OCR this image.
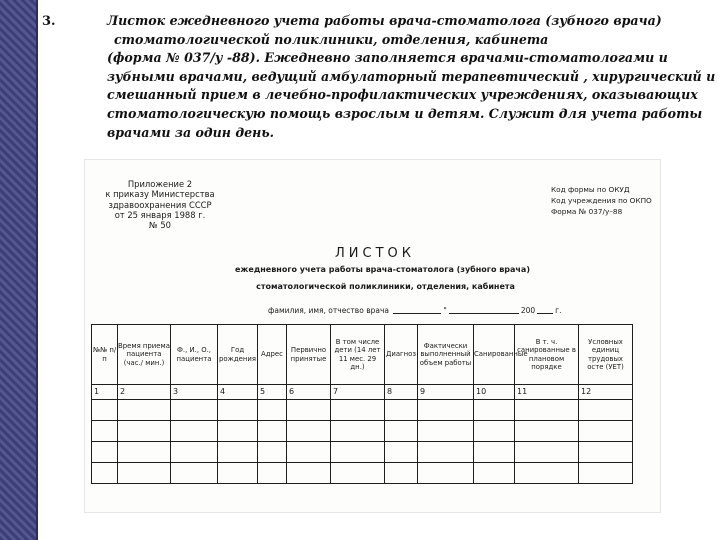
3.	Листок ежедневного учета работы врача-стоматолога (зубного врача)
стоматологической поликлиники, отделения, кабинета
(форма № 037/у -88). Ежедневно заполняется врачами-стоматологами и
зубными врачами, ведущий амбулаторный терапевтический , хирургический и
смешанный прием в лечебно-профилактических учреждениях, оказывающих
стоматологическую помощь взрослым и детям. Служит для учета работы
врачами за один день.
Приложение 2
к приказу Министерства
здравоохранения СССР
от 25 января 1988 г.
№ 50
Код формы по ОКУД
Код учреждения по ОКПО
Форма № 037/у–88
ЛИСТОК
ежедневного учета работы врача-стоматолога (зубного врача)
стоматологической поликлиники, отделения, кабинета
фамилия, имя, отчество врача	"	200	г.
№№ п/п	Время приема пациента (час./ мин.)	Ф., И., О., пациента	Год рождения	Адрес	Первично принятые	В том числе дети (14 лет 11 мес. 29 дн.)	Диагноз	Фактически выполненный объем работы	Санированные	В т. ч. санированные в плановом порядке	Условных единиц трудовых осте (УЕТ)
1	2	3	4	5	6	7	8	9	10	11	12
